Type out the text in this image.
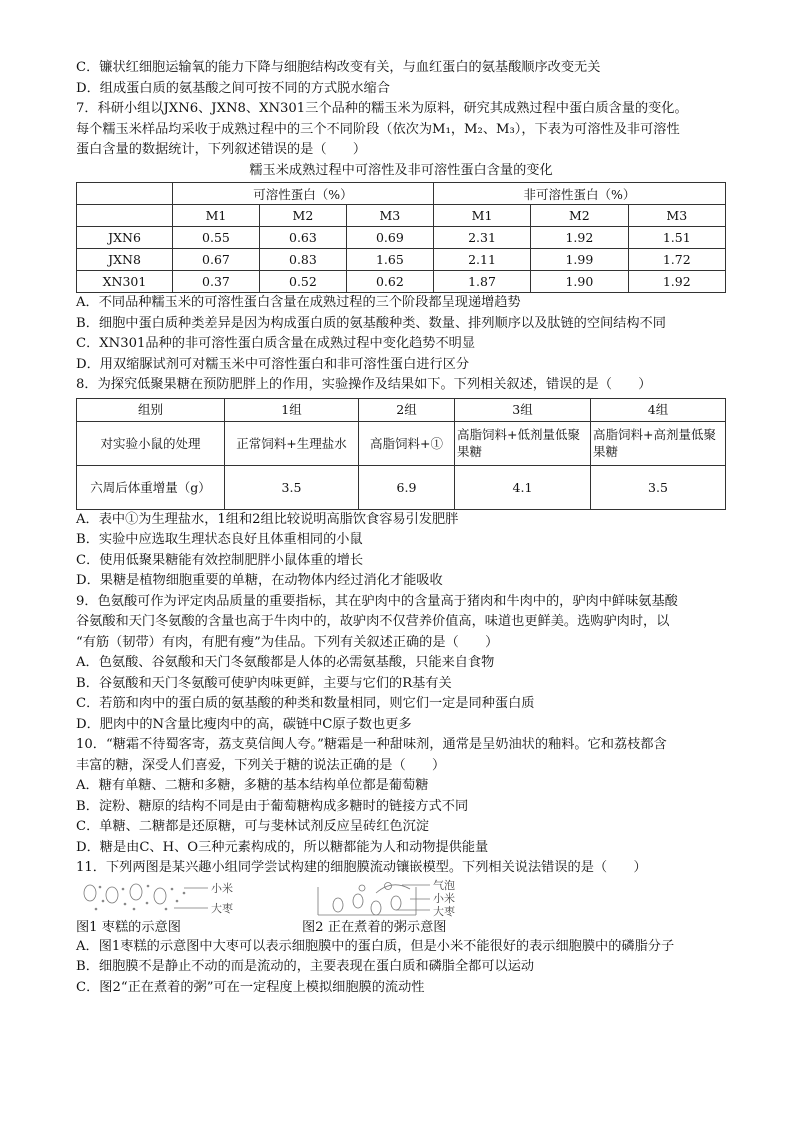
C．镰状红细胞运输氧的能力下降与细胞结构改变有关，与血红蛋白的氨基酸顺序改变无关
D．组成蛋白质的氨基酸之间可按不同的方式脱水缩合
7．科研小组以JXN6、JXN8、XN301三个品种的糯玉米为原料，研究其成熟过程中蛋白质含量的变化。
每个糯玉米样品均采收于成熟过程中的三个不同阶段（依次为M₁，M₂、M₃），下表为可溶性及非可溶性
蛋白含量的数据统计，下列叙述错误的是（　　）
糯玉米成熟过程中可溶性及非可溶性蛋白含量的变化
	可溶性蛋白（%）			非可溶性蛋白（%）		
	M1	M2	M3	M1	M2	M3
JXN6	0.55	0.63	0.69	2.31	1.92	1.51
JXN8	0.67	0.83	1.65	2.11	1.99	1.72
XN301	0.37	0.52	0.62	1.87	1.90	1.92
A．不同品种糯玉米的可溶性蛋白含量在成熟过程的三个阶段都呈现递增趋势
B．细胞中蛋白质种类差异是因为构成蛋白质的氨基酸种类、数量、排列顺序以及肽链的空间结构不同
C．XN301品种的非可溶性蛋白质含量在成熟过程中变化趋势不明显
D．用双缩脲试剂可对糯玉米中可溶性蛋白和非可溶性蛋白进行区分
8．为探究低聚果糖在预防肥胖上的作用，实验操作及结果如下。下列相关叙述，错误的是（　　）
组别	1组	2组	3组	4组
对实验小鼠的处理	正常饲料+生理盐水	高脂饲料+①	高脂饲料+低剂量低聚果糖	高脂饲料+高剂量低聚果糖
六周后体重增量（g）	3.5	6.9	4.1	3.5
A．表中①为生理盐水，1组和2组比较说明高脂饮食容易引发肥胖
B．实验中应选取生理状态良好且体重相同的小鼠
C．使用低聚果糖能有效控制肥胖小鼠体重的增长
D．果糖是植物细胞重要的单糖，在动物体内经过消化才能吸收
9．色氨酸可作为评定肉品质量的重要指标，其在驴肉中的含量高于猪肉和牛肉中的，驴肉中鲜味氨基酸
谷氨酸和天门冬氨酸的含量也高于牛肉中的，故驴肉不仅营养价值高，味道也更鲜美。选购驴肉时，以
“有筋（韧带）有肉，有肥有瘦”为佳品。下列有关叙述正确的是（　　）
A．色氨酸、谷氨酸和天门冬氨酸都是人体的必需氨基酸，只能来自食物
B．谷氨酸和天门冬氨酸可使驴肉味更鲜，主要与它们的R基有关
C．若筋和肉中的蛋白质的氨基酸的种类和数量相同，则它们一定是同种蛋白质
D．肥肉中的N含量比瘦肉中的高，碳链中C原子数也更多
10．“糖霜不待蜀客寄，荔支莫信闽人夸。”糖霜是一种甜味剂，通常是呈奶油状的釉料。它和荔枝都含
丰富的糖，深受人们喜爱，下列关于糖的说法正确的是（　　）
A．糖有单糖、二糖和多糖，多糖的基本结构单位都是葡萄糖
B．淀粉、糖原的结构不同是由于葡萄糖构成多糖时的链接方式不同
C．单糖、二糖都是还原糖，可与斐林试剂反应呈砖红色沉淀
D．糖是由C、H、O三种元素构成的，所以糖都能为人和动物提供能量
11．下列两图是某兴趣小组同学尝试构建的细胞膜流动镶嵌模型。下列相关说法错误的是（　　）
小米
大枣
气泡
小米
大枣
图1 枣糕的示意图	图2 正在煮着的粥示意图
A．图1枣糕的示意图中大枣可以表示细胞膜中的蛋白质，但是小米不能很好的表示细胞膜中的磷脂分子
B．细胞膜不是静止不动的而是流动的，主要表现在蛋白质和磷脂全都可以运动
C．图2“正在煮着的粥”可在一定程度上模拟细胞膜的流动性
